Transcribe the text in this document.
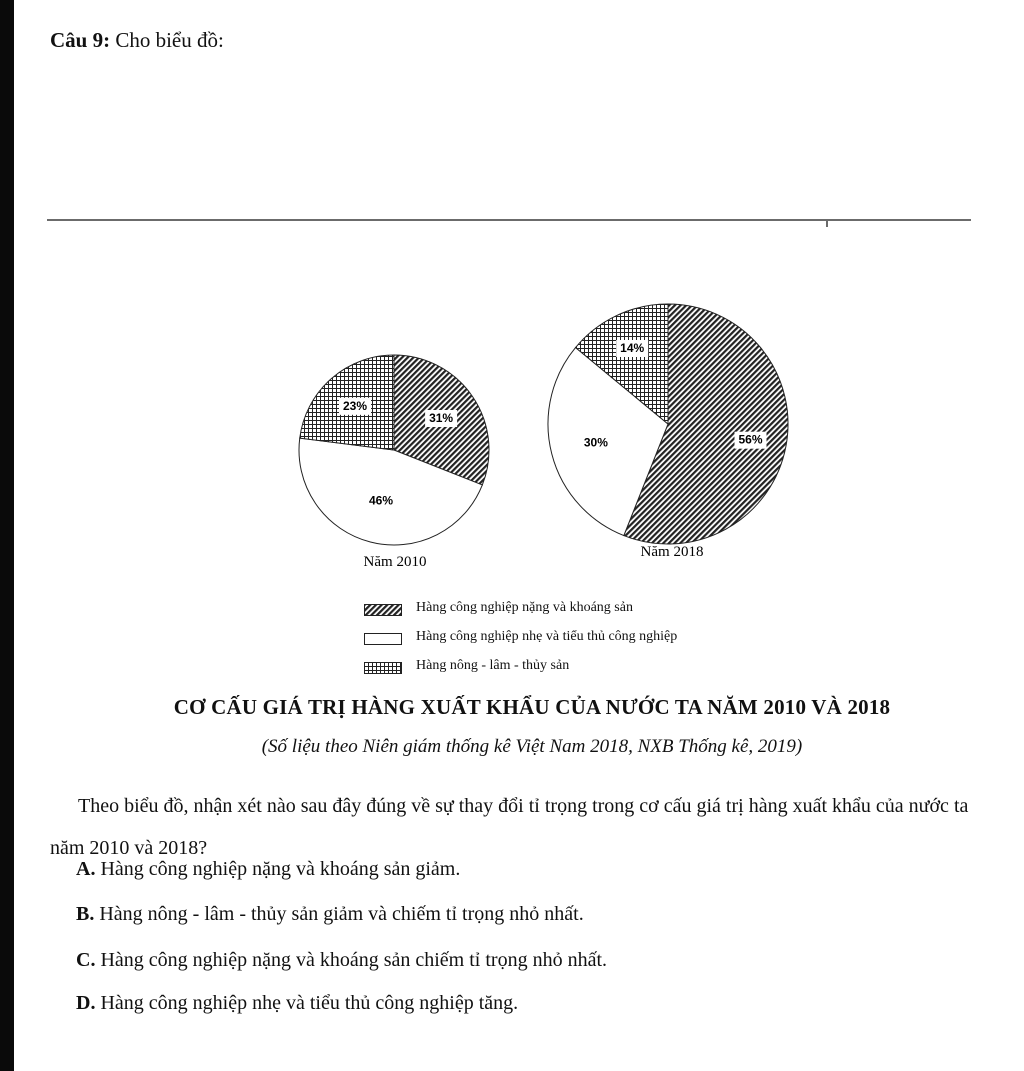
Câu 9: Cho biểu đồ:
31%
46%
23%
Năm 2010
56%
30%
14%
Năm 2018
Hàng công nghiệp nặng và khoáng sản
Hàng công nghiệp nhẹ và tiểu thủ công nghiệp
Hàng nông - lâm - thủy sản
CƠ CẤU GIÁ TRỊ HÀNG XUẤT KHẨU CỦA NƯỚC TA NĂM 2010 VÀ 2018
(Số liệu theo Niên giám thống kê Việt Nam 2018, NXB Thống kê, 2019)
Theo biểu đồ, nhận xét nào sau đây đúng về sự thay đổi tỉ trọng trong cơ cấu giá trị hàng xuất khẩu của nước ta năm 2010 và 2018?
A. Hàng công nghiệp nặng và khoáng sản giảm.
B. Hàng nông - lâm - thủy sản giảm và chiếm tỉ trọng nhỏ nhất.
C. Hàng công nghiệp nặng và khoáng sản chiếm tỉ trọng nhỏ nhất.
D. Hàng công nghiệp nhẹ và tiểu thủ công nghiệp tăng.
